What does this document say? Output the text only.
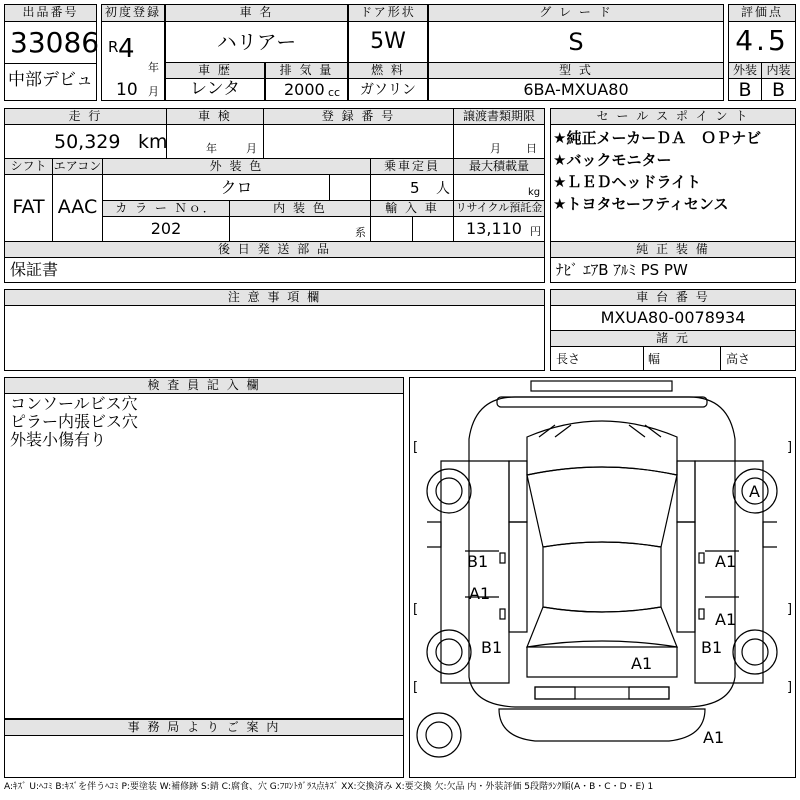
出品番号
33086
中部デビュ
初度登録
R 4
年
10 月
車 名
ハリアー
ドア形状
5W
グ レ ー ド
S
評価点
4.5
外装 内装
B	B
車 歴
レンタ
排 気 量
2000 cc
燃 料
ガソリン
型 式
6BA-MXUA80
走 行
50,329 km
車 検
年	月
登 録 番 号	譲渡書類期限
月 日
セ ー ル ス ポ イ ン ト
★純正メーカーＤＡ　ＯＰナビ
★バックモニター
★ＬＥＤヘッドライト
★トヨタセーフティセンス
シフト
FAT
エアコン
AAC
外 装 色
クロ
乗車定員
5 人
最大積載量
kg
カ ラ ー Ｎｏ．
202
内 装 色
系
輸 入 車	リサイクル預託金
13,110 円
後 日 発 送 部 品
保証書
純 正 装 備
ﾅﾋﾞ ｴｱB ｱﾙﾐ PS PW
注 意 事 項 欄	車 台 番 号
MXUA80-0078934
諸 元
長さ	幅	高さ
検 査 員 記 入 欄
コンソールビス穴
ピラー内張ビス穴
外装小傷有り
事 務 局 よ り ご 案 内
A
B1	A1
A1
A1
B1	B1
A1
A1
[	]
[	]
[	]
A:ｷｽﾞ U:ﾍｺﾐ B:ｷｽﾞを伴うﾍｺﾐ P:要塗装 W:補修跡 S:錆 C:腐食、穴 G:ﾌﾛﾝﾄｶﾞﾗｽ点ｷｽﾞ XX:交換済み X:要交換 欠:欠品 内・外装評価 5段階ﾗﾝｸ順(A・B・C・D・E) 1
